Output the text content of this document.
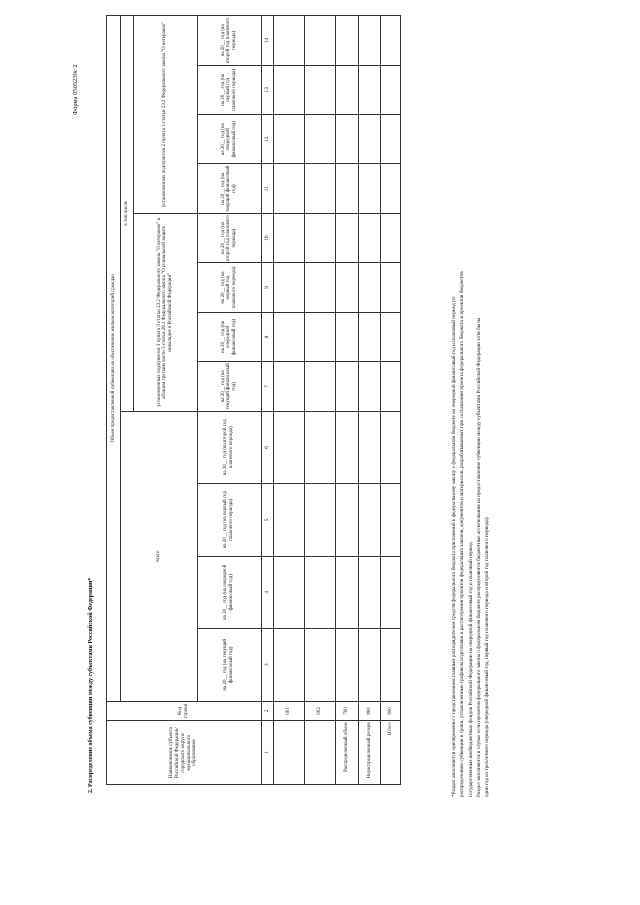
Форма 0505239с 2
2. Распределение объема субвенции между субъектами Российской Федерации*	Наименование субъекта Российской Федерации/ городского округа/ муниципального образования	Код строки	Объем предоставленной субвенции на обеспечение жильем категорий граждан											
		всего				в том числе							
						установленных подпунктом 3 пункта 3 статьи 23.2 Федерального закона "О ветеранах" и абзацем третьим части 3 статьи 28.2 Федерального закона "О социальной защите инвалидов в Российской Федерации"				установленных подпунктом 2 пункта 3 статьи 23.2 Федерального закона "О ветеранах"			
		на 20__ год (на текущий финансовый год)	на 20__ год (на очередной финансовый год)	на 20__ год (на первый год планового периода)	на 20__ год (на второй год планового периода)	на 20__ год (на текущий финансовый год)	на 20__ год (на очередной финансовый год)	на 20__ год (на первый год планового периода)	на 20__ год (на второй год планового периода)	на 20__ год (на текущий финансовый год)	на 20__ год (на очередной финансовый год)	на 20__ год (на первый год планового периода)	на 20__ год (на второй год планового периода)
1	2	3	4	5	6	7	8	9	10	11	12	13	14
	001												
	002												
Распределенный объем	700												
Нераспределенный резерв	800												
Итого	900													*Раздел заполняется одновременно с представлением главным распорядителем средств федерального бюджета приложений к федеральному закону о федеральном бюджете на очередной финансовый год и плановый период по распределению субвенции в сроки, установленные графиком подготовки и рассмотрения проектов федеральных законов, документов и материалов, разрабатываемых при составлении проекта федерального бюджета и проектов бюджетов государственных внебюджетных фондов Российской Федерации на очередной финансовый год и плановый период. Раздел заполняется в случае если проектом федерального закона о федеральном бюджете распределяются бюджетные ассигнования на предоставление субвенции между субъектами Российской Федерации хотя бы на один год из трехлетнего периода (очередной финансовый год, первый год планового периода и второй год планового периода).
